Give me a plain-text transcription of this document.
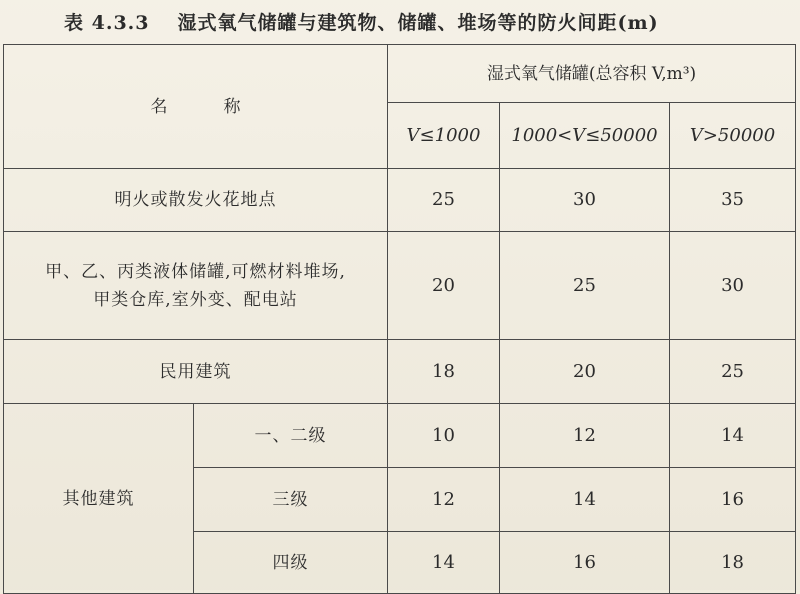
表 4.3.3 湿式氧气储罐与建筑物、储罐、堆场等的防火间距(m)
名称		湿式氧气储罐(总容积 V,m³)		
		V≤1000	1000<V≤50000	V>50000
明火或散发火花地点		25	30	35

甲、乙、丙类液体储罐,可燃材料堆场,
甲类仓库,室外变、配电站		20	25	30
民用建筑		18	20	25
其他建筑	一、二级	10	12	14
	三级	12	14	16
	四级	14	16	18
